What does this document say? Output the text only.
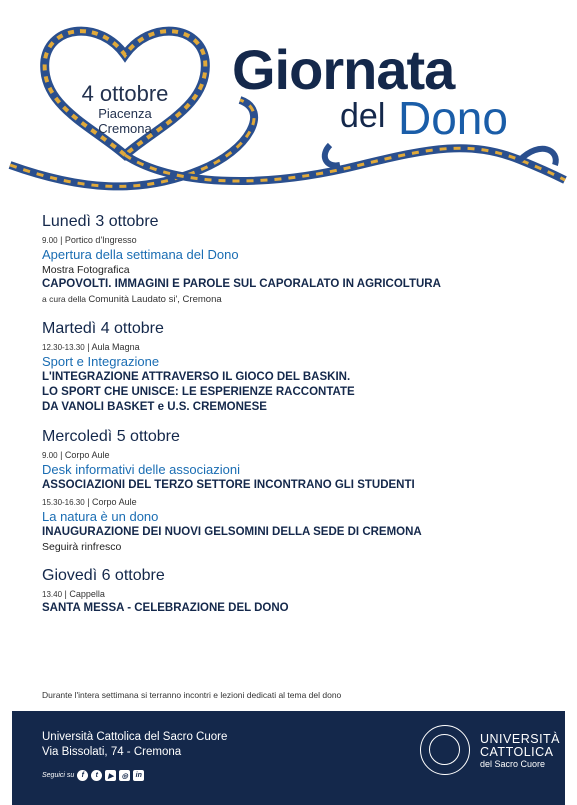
4 ottobre
Piacenza
Cremona
Giornata
del Dono
Lunedì 3 ottobre
9.00 | Portico d'Ingresso
Apertura della settimana del Dono
Mostra Fotografica
CAPOVOLTI. IMMAGINI E PAROLE SUL CAPORALATO IN AGRICOLTURA
a cura della Comunità Laudato si', Cremona
Martedì 4 ottobre
12.30-13.30 | Aula Magna
Sport e Integrazione
L'INTEGRAZIONE ATTRAVERSO IL GIOCO DEL BASKIN.
LO SPORT CHE UNISCE: LE ESPERIENZE RACCONTATE
DA VANOLI BASKET e U.S. CREMONESE
Mercoledì 5 ottobre
9.00 | Corpo Aule
Desk informativi delle associazioni
ASSOCIAZIONI DEL TERZO SETTORE INCONTRANO GLI STUDENTI
15.30-16.30 | Corpo Aule
La natura è un dono
INAUGURAZIONE DEI NUOVI GELSOMINI DELLA SEDE DI CREMONA
Seguirà rinfresco
Giovedì 6 ottobre
13.40 | Cappella
SANTA MESSA - CELEBRAZIONE DEL DONO
Durante l'intera settimana si terranno incontri e lezioni dedicati al tema del dono
Università Cattolica del Sacro Cuore
Via Bissolati, 74 - Cremona
Seguici su	f	t	▶	◎	in
UNIVERSITÀ
CATTOLICA
del Sacro Cuore
